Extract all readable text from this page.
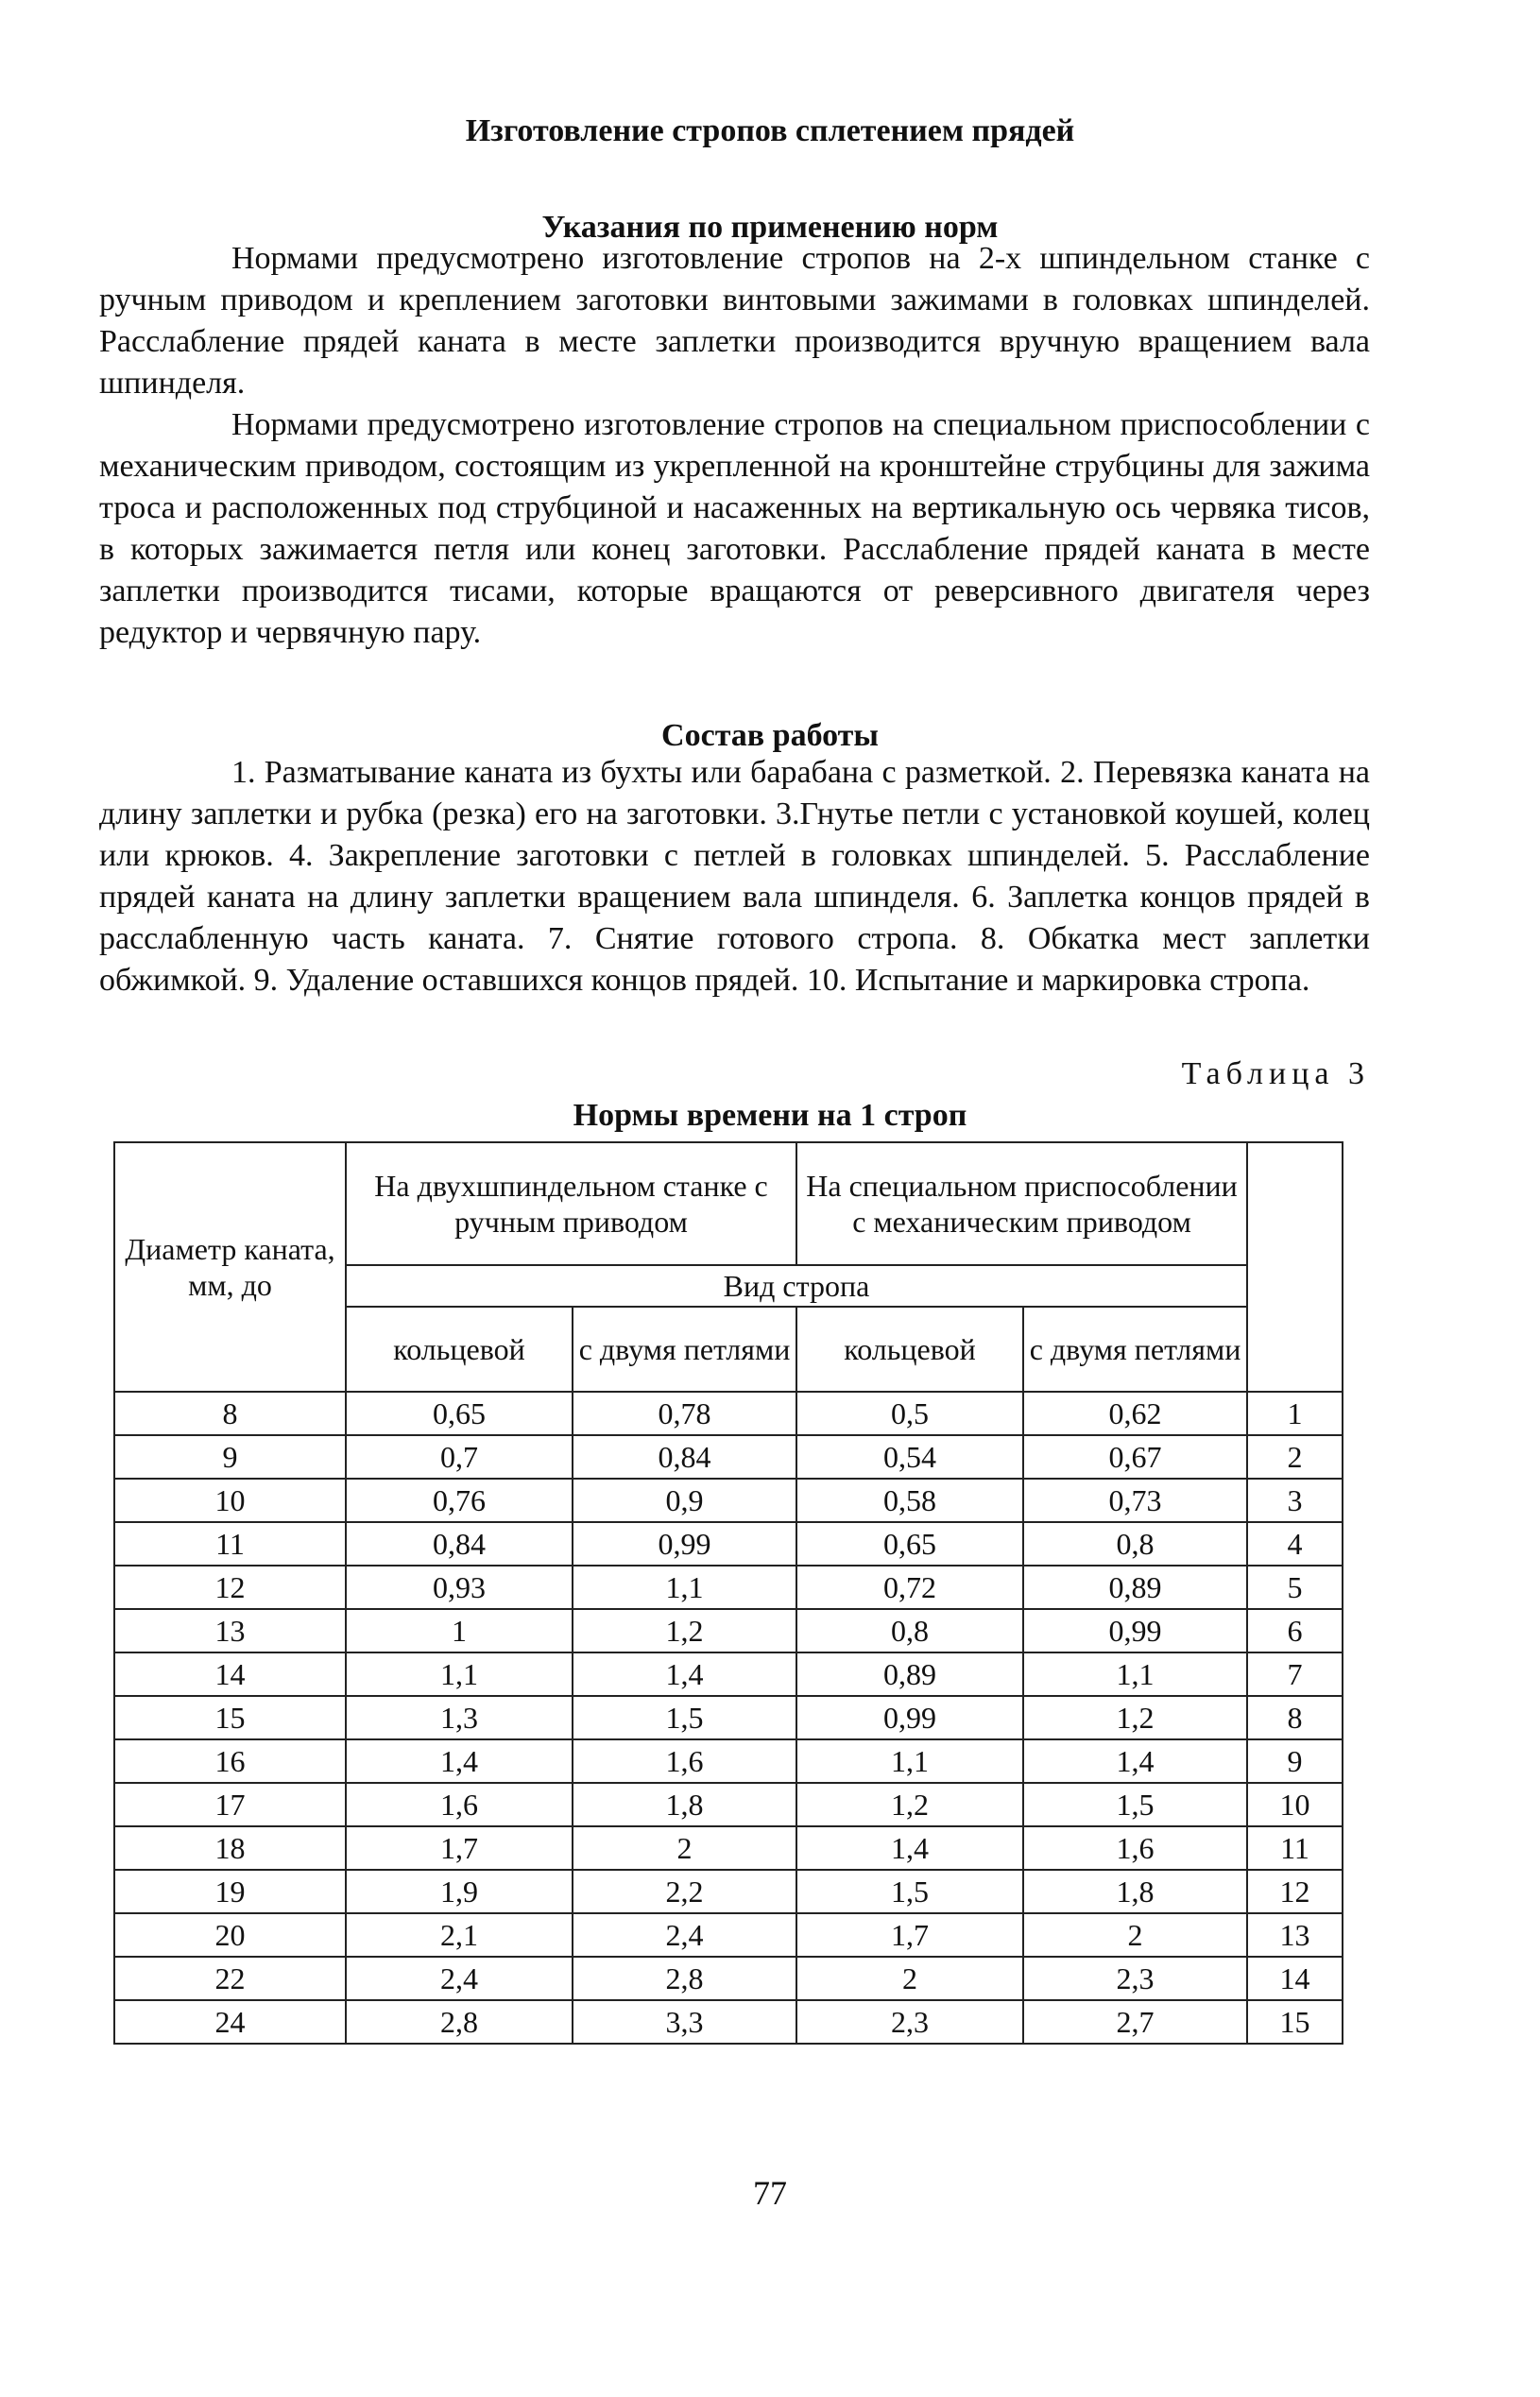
Изготовление стропов сплетением прядей
Указания по применению норм

Нормами предусмотрено изготовление стропов на 2-х шпиндельном станке с ручным приводом и креплением заготовки винтовыми зажимами в головках шпинделей. Расслабление прядей каната в месте заплетки производится вручную вращением вала шпинделя.

Нормами предусмотрено изготовление стропов на специальном приспособлении с механическим приводом, состоящим из укрепленной на кронштейне струбцины для зажима троса и расположенных под струбциной и насаженных на вертикальную ось червяка тисов, в которых зажимается петля или конец заготовки. Расслабление прядей каната в месте заплетки производится тисами, которые вращаются от реверсивного двигателя через редуктор и червячную пару.

Состав работы

1. Разматывание каната из бухты или барабана с разметкой. 2. Перевязка каната на длину заплетки и рубка (резка) его на заготовки. 3.Гнутье петли с установкой коушей, колец или крюков. 4. Закрепление заготовки с петлей в головках шпинделей. 5. Расслабление прядей каната на длину заплетки вращением вала шпинделя. 6. Заплетка концов прядей в расслабленную часть каната. 7. Снятие готового стропа. 8. Обкатка мест заплетки обжимкой. 9. Удаление оставшихся концов прядей. 10. Испытание и маркировка стропа.

Таблица 3
Нормы времени на 1 строп
Диаметр каната, мм, до	На двухшпиндельном станке с ручным приводом		На специальном приспособлении с механическим приводом		
	Вид стропа				
	кольцевой	с двумя петлями	кольцевой	с двумя петлями	
8	0,65	0,78	0,5	0,62	1
9	0,7	0,84	0,54	0,67	2
10	0,76	0,9	0,58	0,73	3
11	0,84	0,99	0,65	0,8	4
12	0,93	1,1	0,72	0,89	5
13	1	1,2	0,8	0,99	6
14	1,1	1,4	0,89	1,1	7
15	1,3	1,5	0,99	1,2	8
16	1,4	1,6	1,1	1,4	9
17	1,6	1,8	1,2	1,5	10
18	1,7	2	1,4	1,6	11
19	1,9	2,2	1,5	1,8	12
20	2,1	2,4	1,7	2	13
22	2,4	2,8	2	2,3	14
24	2,8	3,3	2,3	2,7	15
77
